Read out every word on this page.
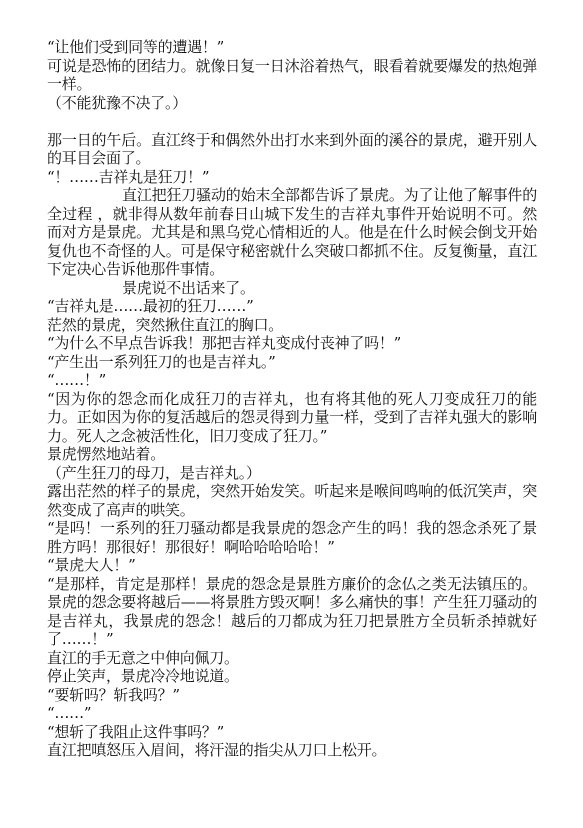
“让他们受到同等的遭遇！”

可说是恐怖的团结力。就像日复一日沐浴着热气，眼看着就要爆发的热炮弹一样。

（不能犹豫不决了。）

那一日的午后。直江终于和偶然外出打水来到外面的溪谷的景虎，避开别人的耳目会面了。

“！……吉祥丸是狂刀！”

直江把狂刀骚动的始末全部都告诉了景虎。为了让他了解事件的全过程 ，就非得从数年前春日山城下发生的吉祥丸事件开始说明不可。然而对方是景虎。尤其是和黑乌党心情相近的人。他是在什么时候会倒戈开始复仇也不奇怪的人。可是保守秘密就什么突破口都抓不住。反复衡量，直江下定决心告诉他那件事情。

景虎说不出话来了。

“吉祥丸是……最初的狂刀……”

茫然的景虎，突然揪住直江的胸口。

“为什么不早点告诉我！那把吉祥丸变成付丧神了吗！”

“产生出一系列狂刀的也是吉祥丸。”

“……！”

“因为你的怨念而化成狂刀的吉祥丸，也有将其他的死人刀变成狂刀的能力。正如因为你的复活越后的怨灵得到力量一样，受到了吉祥丸强大的影响力。死人之念被活性化，旧刀变成了狂刀。”

景虎愣然地站着。

（产生狂刀的母刀，是吉祥丸。）

露出茫然的样子的景虎，突然开始发笑。听起来是喉间鸣响的低沉笑声，突然变成了高声的哄笑。

“是吗！一系列的狂刀骚动都是我景虎的怨念产生的吗！我的怨念杀死了景胜方吗！那很好！那很好！啊哈哈哈哈哈！”

“景虎大人！”

“是那样，肯定是那样！景虎的怨念是景胜方廉价的念仏之类无法镇压的。景虎的怨念要将越后——将景胜方毁灭啊！多么痛快的事！产生狂刀骚动的是吉祥丸，我景虎的怨念！越后的刀都成为狂刀把景胜方全员斩杀掉就好了……！”

直江的手无意之中伸向佩刀。

停止笑声，景虎冷冷地说道。

“要斩吗？斩我吗？”

“……”

“想斩了我阻止这件事吗？”

直江把嗔怒压入眉间，将汗湿的指尖从刀口上松开。
